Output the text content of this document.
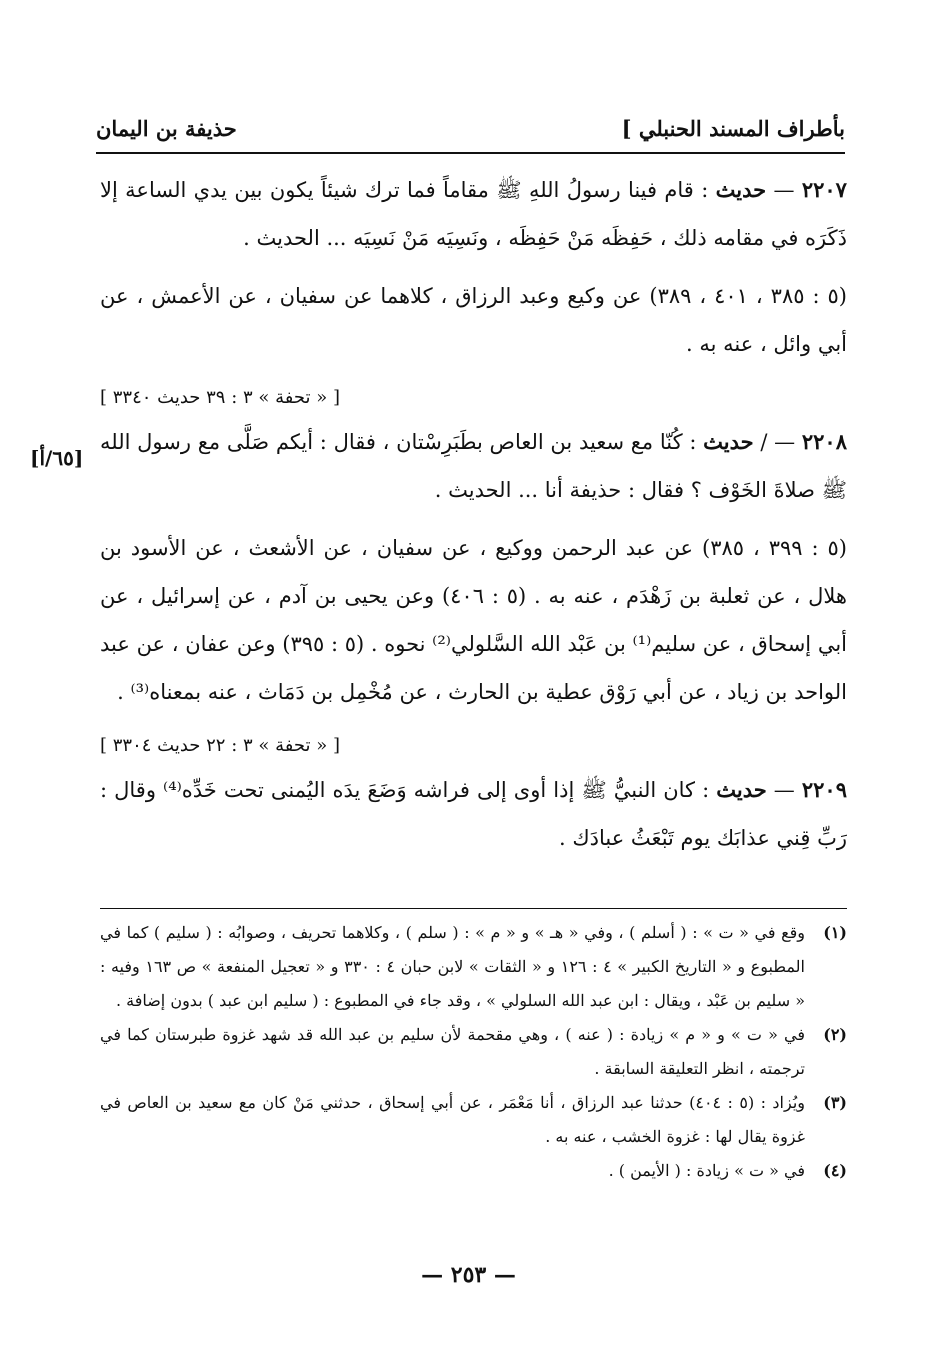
بأطراف المسند الحنبلي ]
حذيفة بن اليمان
[٦٥/أ]

٢٢٠٧ — حديث : قام فينا رسولُ اللهِ ﷺ مقاماً فما ترك شيئاً يكون بين يدي الساعة إلا ذَكَرَه في مقامه ذلك ، حَفِظَه مَنْ حَفِظَه ، ونَسِيَه مَنْ نَسِيَه ... الحديث .

(٥ : ٣٨٥ ، ٤٠١ ، ٣٨٩) عن وكيع وعبد الرزاق ، كلاهما عن سفيان ، عن الأعمش ، عن أبي وائل ، عنه به .

[ « تحفة » ٣ : ٣٩ حديث ٣٣٤٠ ]

٢٢٠٨ — / حديث : كُنّا مع سعيد بن العاص بطَبَرِسْتان ، فقال : أيكم صَلَّى مع رسول الله ﷺ صلاةَ الخَوْف ؟ فقال : حذيفة أنا ... الحديث .

(٥ : ٣٩٩ ، ٣٨٥) عن عبد الرحمن ووكيع ، عن سفيان ، عن الأشعث ، عن الأسود بن هلال ، عن ثعلبة بن زَهْدَم ، عنه به . (٥ : ٤٠٦) وعن يحيى بن آدم ، عن إسرائيل ، عن أبي إسحاق ، عن سليم⁽¹⁾ بن عَبْد الله السَّلولي⁽²⁾ نحوه . (٥ : ٣٩٥) وعن عفان ، عن عبد الواحد بن زياد ، عن أبي رَوْق عطية بن الحارث ، عن مُخْمِل بن دَمَاث ، عنه بمعناه⁽³⁾ .

[ « تحفة » ٣ : ٢٢ حديث ٣٣٠٤ ]

٢٢٠٩ — حديث : كان النبيُّ ﷺ إذا أوى إلى فراشه وَضَعَ يدَه اليُمنى تحت خَدِّه⁽⁴⁾ وقال : رَبِّ قِني عذابَك يوم تَبْعَثُ عبادَك .

(١)
وقع في « ت » : ( أسلم ) ، وفي « هـ » و « م » : ( سلم ) ، وكلاهما تحريف ، وصوابُه : ( سليم ) كما في المطبوع و « التاريخ الكبير » ٤ : ١٢٦ و « الثقات » لابن حبان ٤ : ٣٣٠ و « تعجيل المنفعة » ص ١٦٣ وفيه : « سليم بن عَبْد ، ويقال : ابن عبد الله السلولي » ، وقد جاء في المطبوع : ( سليم ابن عبد ) بدون إضافة .

(٢)
في « ت » و « م » زيادة : ( عنه ) ، وهي مقحمة لأن سليم بن عبد الله قد شهد غزوة طبرستان كما في ترجمته ، انظر التعليقة السابقة .

(٣)
ويُزاد : (٥ : ٤٠٤) حدثنا عبد الرزاق ، أنا مَعْمَر ، عن أبي إسحاق ، حدثني مَنْ كان مع سعيد بن العاص في غزوة يقال لها : غزوة الخشب ، عنه به .

(٤)
في « ت » زيادة : ( الأيمن ) .

— ٢٥٣ —
